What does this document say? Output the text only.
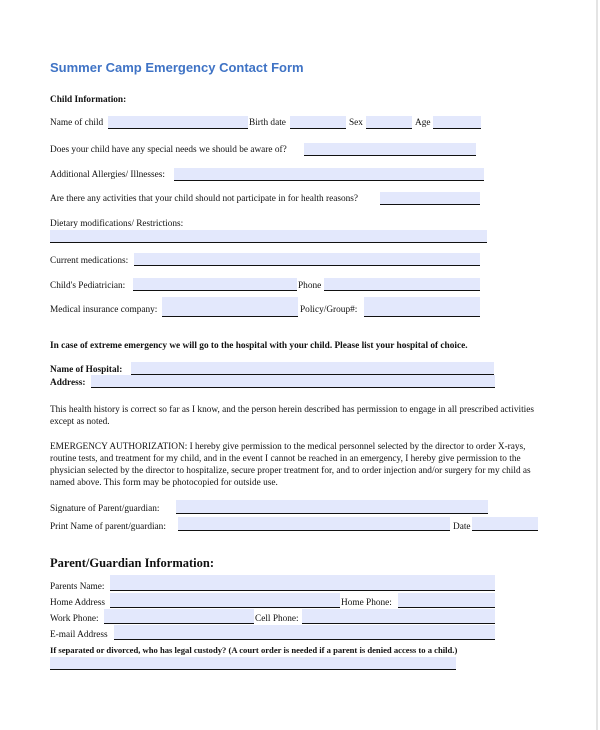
Summer Camp Emergency Contact Form
Child Information:
Name of child	Birth date	Sex	Age
Does your child have any special needs we should be aware of?
Additional Allergies/ Illnesses:
Are there any activities that your child should not participate in for health reasons?
Dietary modifications/ Restrictions:
Current medications:
Child's Pediatrician:	Phone
Medical insurance company:	Policy/Group#:
In case of extreme emergency we will go to the hospital with your child. Please list your hospital of choice.
Name of Hospital:
Address:
This health history is correct so far as I know, and the person herein described has permission to engage in all prescribed activities except as noted.
EMERGENCY AUTHORIZATION: I hereby give permission to the medical personnel selected by the director to order X-rays, routine tests, and treatment for my child, and in the event I cannot be reached in an emergency, I hereby give permission to the physician selected by the director to hospitalize, secure proper treatment for, and to order injection and/or surgery for my child as named above. This form may be photocopied for outside use.
Signature of Parent/guardian:
Print Name of parent/guardian:	Date
Parent/Guardian Information:
Parents Name:
Home Address	Home Phone:
Work Phone:	Cell Phone:
E-mail Address
If separated or divorced, who has legal custody? (A court order is needed if a parent is denied access to a child.)
